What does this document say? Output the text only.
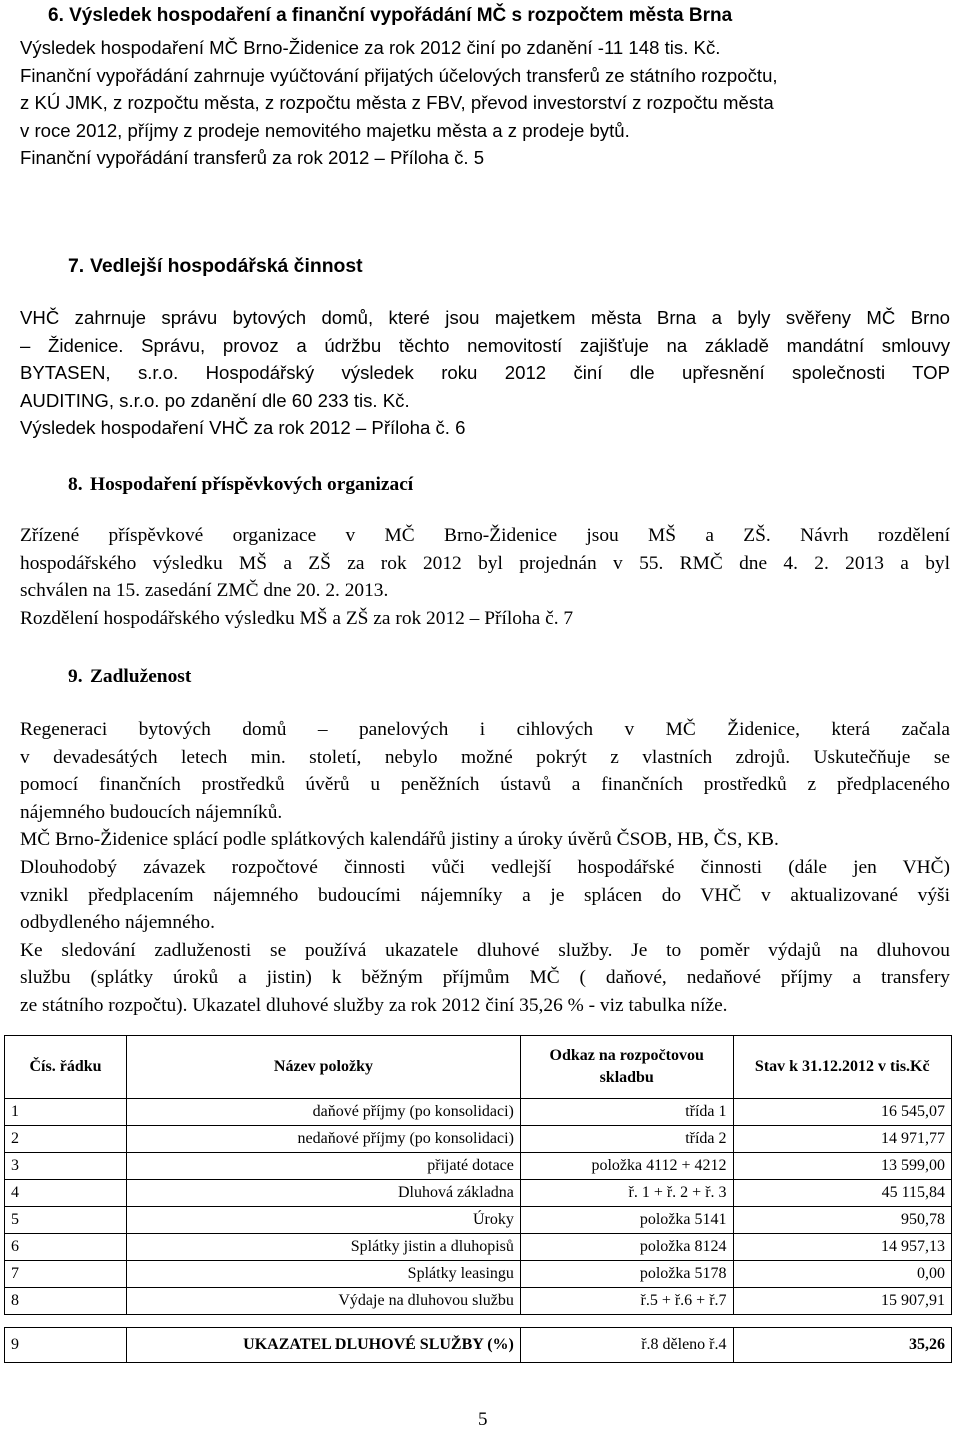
6. Výsledek hospodaření a finanční vypořádání MČ s rozpočtem města Brna
Výsledek hospodaření MČ Brno-Židenice za rok 2012 činí po zdanění -11 148 tis. Kč.
Finanční vypořádání zahrnuje vyúčtování přijatých účelových transferů ze státního rozpočtu,
z KÚ JMK, z rozpočtu města, z rozpočtu města z FBV, převod investorství z rozpočtu města
v roce 2012, příjmy z prodeje nemovitého majetku města a z prodeje bytů.
Finanční vypořádání transferů za rok 2012 – Příloha č. 5
7. Vedlejší hospodářská činnost
VHČ zahrnuje správu bytových domů, které jsou majetkem města Brna a byly svěřeny MČ Brno
– Židenice. Správu, provoz a údržbu těchto nemovitostí zajišťuje na základě mandátní smlouvy
BYTASEN, s.r.o. Hospodářský výsledek roku 2012 činí dle upřesnění společnosti TOP
AUDITING, s.r.o. po zdanění dle 60 233 tis. Kč.
Výsledek hospodaření VHČ za rok 2012 – Příloha č. 6
8. Hospodaření příspěvkových organizací
Zřízené příspěvkové organizace v MČ Brno-Židenice jsou MŠ a ZŠ. Návrh rozdělení
hospodářského výsledku MŠ a ZŠ za rok 2012 byl projednán v 55. RMČ dne 4. 2. 2013 a byl
schválen na 15. zasedání ZMČ dne 20. 2. 2013.
Rozdělení hospodářského výsledku MŠ a ZŠ za rok 2012 – Příloha č. 7
9. Zadluženost
Regeneraci bytových domů – panelových i cihlových v MČ Židenice, která začala
v devadesátých letech min. století, nebylo možné pokrýt z vlastních zdrojů. Uskutečňuje se
pomocí finančních prostředků úvěrů u peněžních ústavů a finančních prostředků z předplaceného
nájemného budoucích nájemníků.
MČ Brno-Židenice splácí podle splátkových kalendářů jistiny a úroky úvěrů ČSOB, HB, ČS, KB.
Dlouhodobý závazek rozpočtové činnosti vůči vedlejší hospodářské činnosti (dále jen VHČ)
vznikl předplacením nájemného budoucími nájemníky a je splácen do VHČ v aktualizované výši
odbydleného nájemného.
Ke sledování zadluženosti se používá ukazatele dluhové služby. Je to poměr výdajů na dluhovou
službu (splátky úroků a jistin) k běžným příjmům MČ ( daňové, nedaňové příjmy a transfery
ze státního rozpočtu). Ukazatel dluhové služby za rok 2012 činí 35,26 % - viz tabulka níže.
Čís. řádku	Název položky	Odkaz na rozpočtovou skladbu	Stav k 31.12.2012 v tis.Kč
1	daňové příjmy (po konsolidaci)	třída 1	16 545,07
2	nedaňové příjmy (po konsolidaci)	třída 2	14 971,77
3	přijaté dotace	položka 4112 + 4212	13 599,00
4	Dluhová základna	ř. 1 + ř. 2 + ř. 3	45 115,84
5	Úroky	položka 5141	950,78
6	Splátky jistin a dluhopisů	položka 8124	14 957,13
7	Splátky leasingu	položka 5178	0,00
8	Výdaje na dluhovou službu	ř.5 + ř.6 + ř.7	15 907,91

9	UKAZATEL DLUHOVÉ SLUŽBY (%)	ř.8 děleno ř.4	35,26
5
